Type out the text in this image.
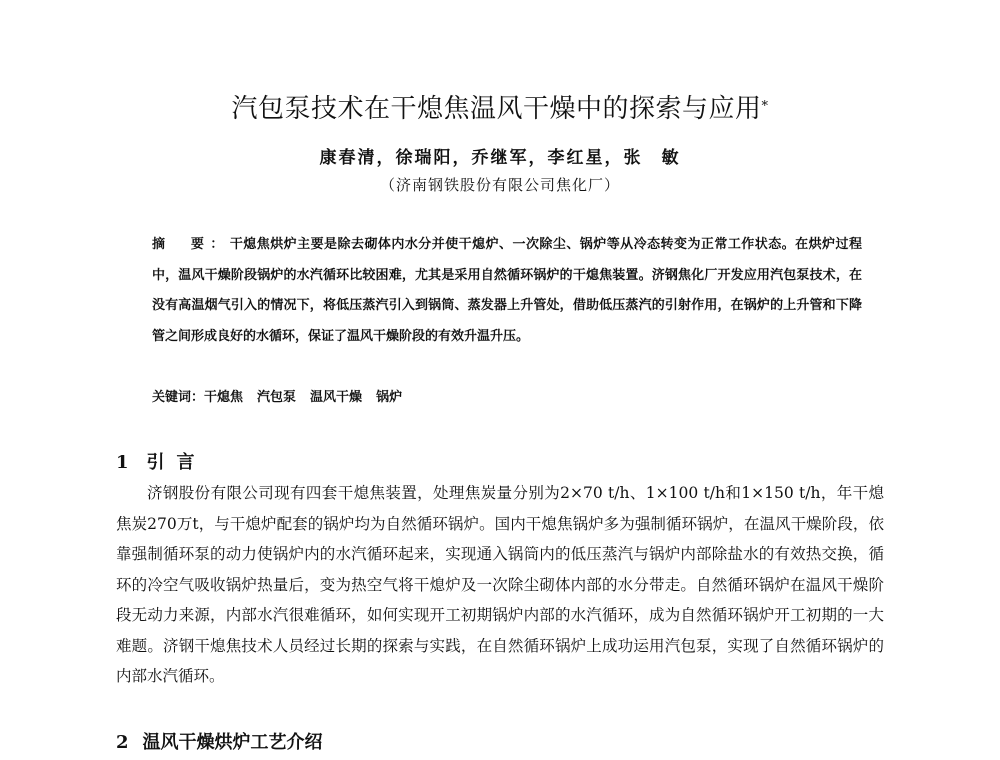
汽包泵技术在干熄焦温风干燥中的探索与应用*
康春清，徐瑞阳，乔继军，李红星，张　敏
（济南钢铁股份有限公司焦化厂）
摘　要：干熄焦烘炉主要是除去砌体内水分并使干熄炉、一次除尘、锅炉等从冷态转变为正常工作状态。在烘炉过程中，温风干燥阶段锅炉的水汽循环比较困难，尤其是采用自然循环锅炉的干熄焦装置。济钢焦化厂开发应用汽包泵技术，在没有高温烟气引入的情况下，将低压蒸汽引入到锅筒、蒸发器上升管处，借助低压蒸汽的引射作用，在锅炉的上升管和下降管之间形成良好的水循环，保证了温风干燥阶段的有效升温升压。
关键词：干熄焦 汽包泵 温风干燥 锅炉
1 引言
济钢股份有限公司现有四套干熄焦装置，处理焦炭量分别为2×70 t/h、1×100 t/h和1×150 t/h，年干熄焦炭270万t，与干熄炉配套的锅炉均为自然循环锅炉。国内干熄焦锅炉多为强制循环锅炉，在温风干燥阶段，依靠强制循环泵的动力使锅炉内的水汽循环起来，实现通入锅筒内的低压蒸汽与锅炉内部除盐水的有效热交换，循环的冷空气吸收锅炉热量后，变为热空气将干熄炉及一次除尘砌体内部的水分带走。自然循环锅炉在温风干燥阶段无动力来源，内部水汽很难循环，如何实现开工初期锅炉内部的水汽循环，成为自然循环锅炉开工初期的一大难题。济钢干熄焦技术人员经过长期的探索与实践，在自然循环锅炉上成功运用汽包泵，实现了自然循环锅炉的内部水汽循环。
2 温风干燥烘炉工艺介绍
